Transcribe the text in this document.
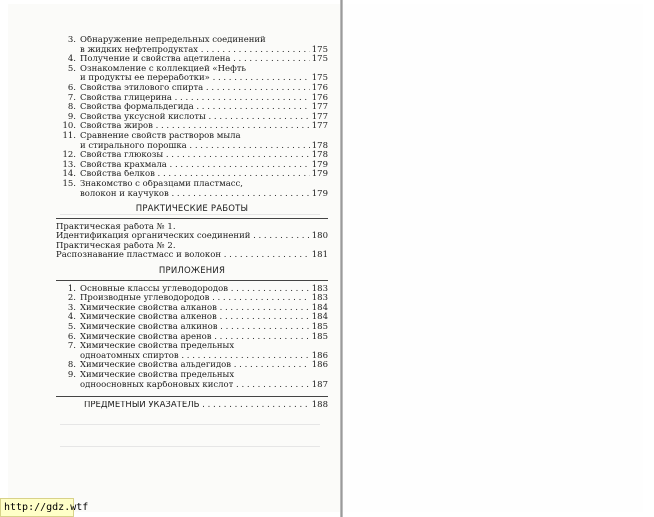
3. Обнаружение непредельных соединений
в жидких нефтепродуктах . . .	175
4. Получение и свойства ацетилена . . .	175
5. Ознакомление с коллекцией «Нефть
и продукты ее переработки» . . .	175
6. Свойства этилового спирта . . .	176
7. Свойства глицерина . . .	176
8. Свойства формальдегида . . .	177
9. Свойства уксусной кислоты . . .	177
10. Свойства жиров . . .	177
11. Сравнение свойств растворов мыла
и стирального порошка . . .	178
12. Свойства глюкозы . . .	178
13. Свойства крахмала . . .	179
14. Свойства белков . . .	179
15. Знакомство с образцами пластмасс,
волокон и каучуков . . .	179
ПРАКТИЧЕСКИЕ РАБОТЫ
Практическая работа № 1.
Идентификация органических соединений . . .	180
Практическая работа № 2.
Распознавание пластмасс и волокон . . .	181
ПРИЛОЖЕНИЯ
1. Основные классы углеводородов . . .	183
2. Производные углеводородов . . .	183
3. Химические свойства алканов . . .	184
4. Химические свойства алкенов . . .	184
5. Химические свойства алкинов . . .	185
6. Химические свойства аренов . . .	185
7. Химические свойства предельных
одноатомных спиртов . . .	186
8. Химические свойства альдегидов . . .	186
9. Химические свойства предельных
одноосновных карбоновых кислот . . .	187
ПРЕДМЕТНЫЙ УКАЗАТЕЛЬ . . .	188
http://gdz.wtf
